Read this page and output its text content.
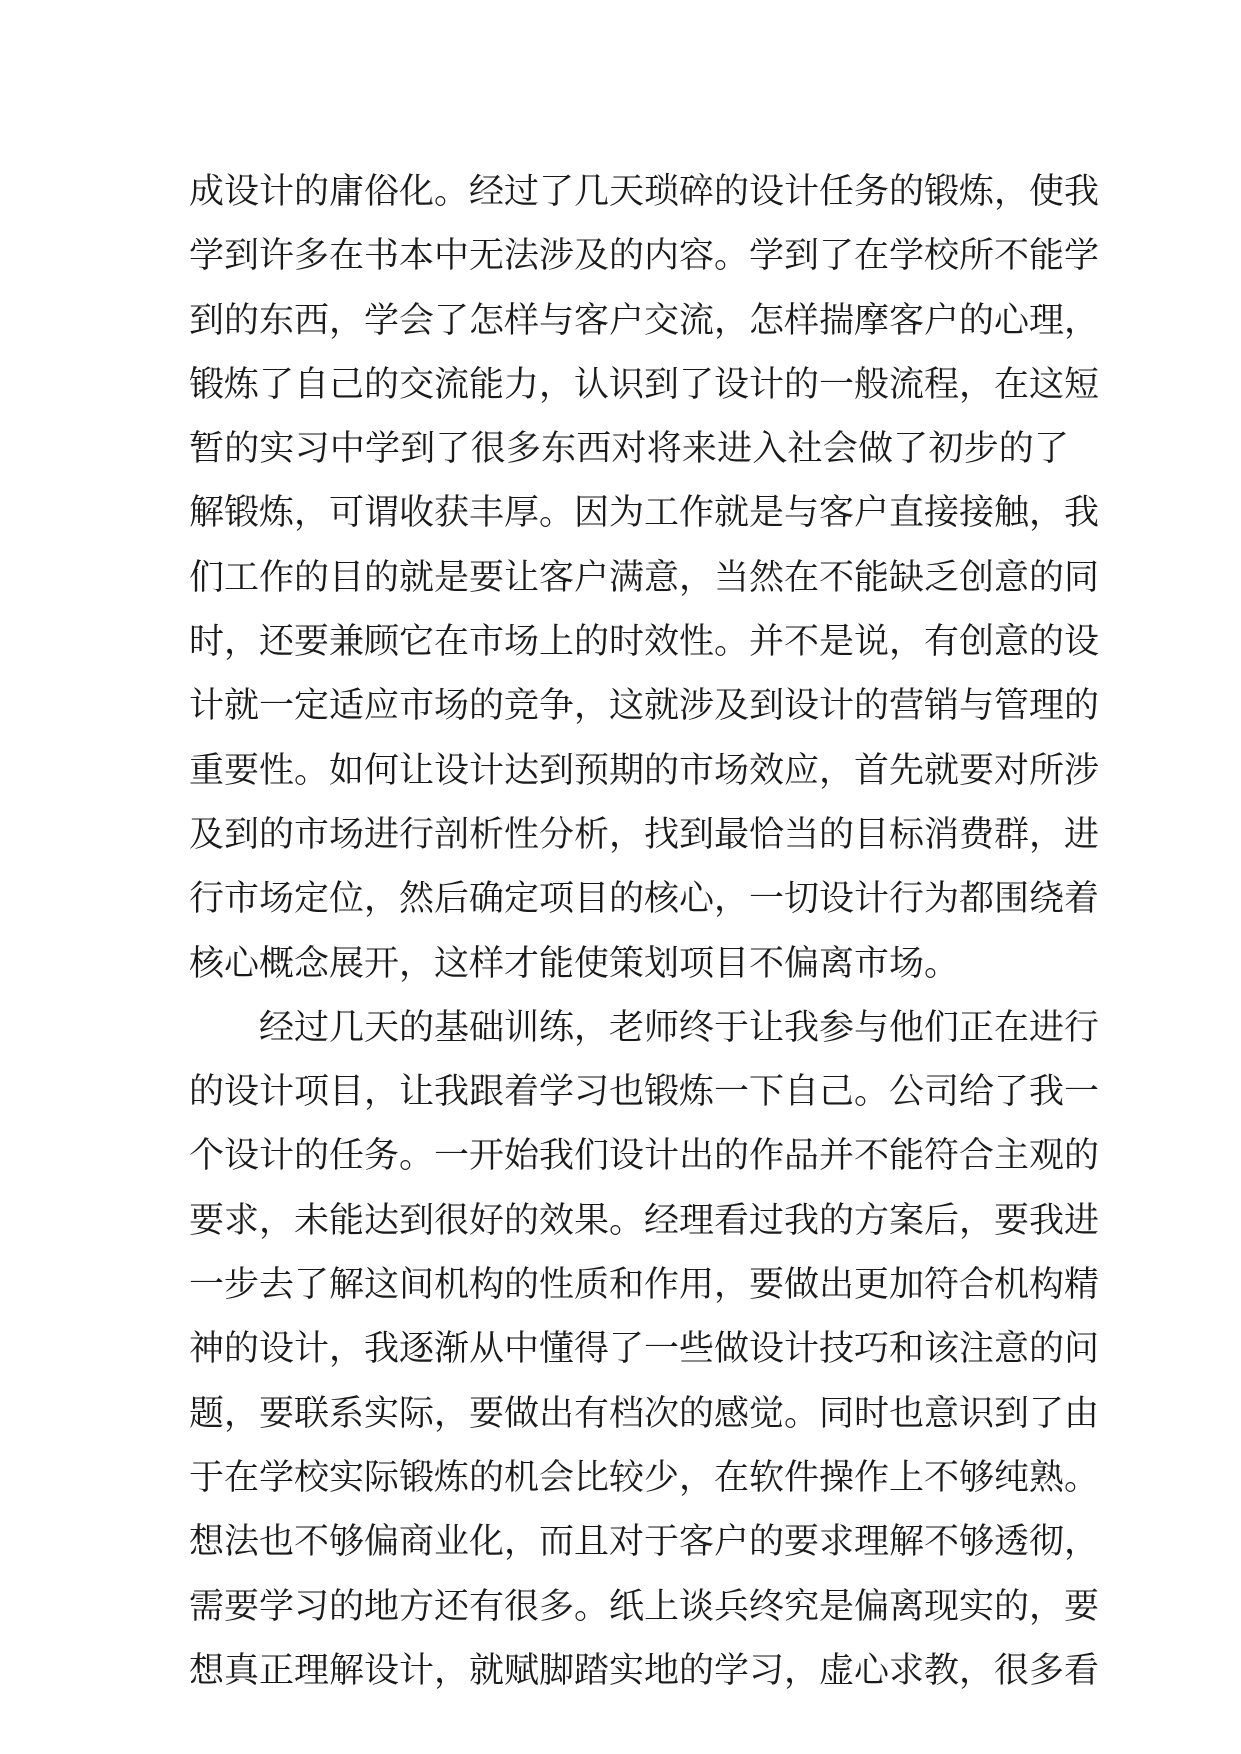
成设计的庸俗化。经过了几天琐碎的设计任务的锻炼，使我
学到许多在书本中无法涉及的内容。学到了在学校所不能学
到的东西，学会了怎样与客户交流，怎样揣摩客户的心理，
锻炼了自己的交流能力，认识到了设计的一般流程，在这短
暂的实习中学到了很多东西对将来进入社会做了初步的了
解锻炼，可谓收获丰厚。因为工作就是与客户直接接触，我
们工作的目的就是要让客户满意，当然在不能缺乏创意的同
时，还要兼顾它在市场上的时效性。并不是说，有创意的设
计就一定适应市场的竞争，这就涉及到设计的营销与管理的
重要性。如何让设计达到预期的市场效应，首先就要对所涉
及到的市场进行剖析性分析，找到最恰当的目标消费群，进
行市场定位，然后确定项目的核心，一切设计行为都围绕着
核心概念展开，这样才能使策划项目不偏离市场。
经过几天的基础训练，老师终于让我参与他们正在进行
的设计项目，让我跟着学习也锻炼一下自己。公司给了我一
个设计的任务。一开始我们设计出的作品并不能符合主观的
要求，未能达到很好的效果。经理看过我的方案后，要我进
一步去了解这间机构的性质和作用，要做出更加符合机构精
神的设计，我逐渐从中懂得了一些做设计技巧和该注意的问
题，要联系实际，要做出有档次的感觉。同时也意识到了由
于在学校实际锻炼的机会比较少，在软件操作上不够纯熟。
想法也不够偏商业化，而且对于客户的要求理解不够透彻，
需要学习的地方还有很多。纸上谈兵终究是偏离现实的，要
想真正理解设计，就赋脚踏实地的学习，虚心求教，很多看
